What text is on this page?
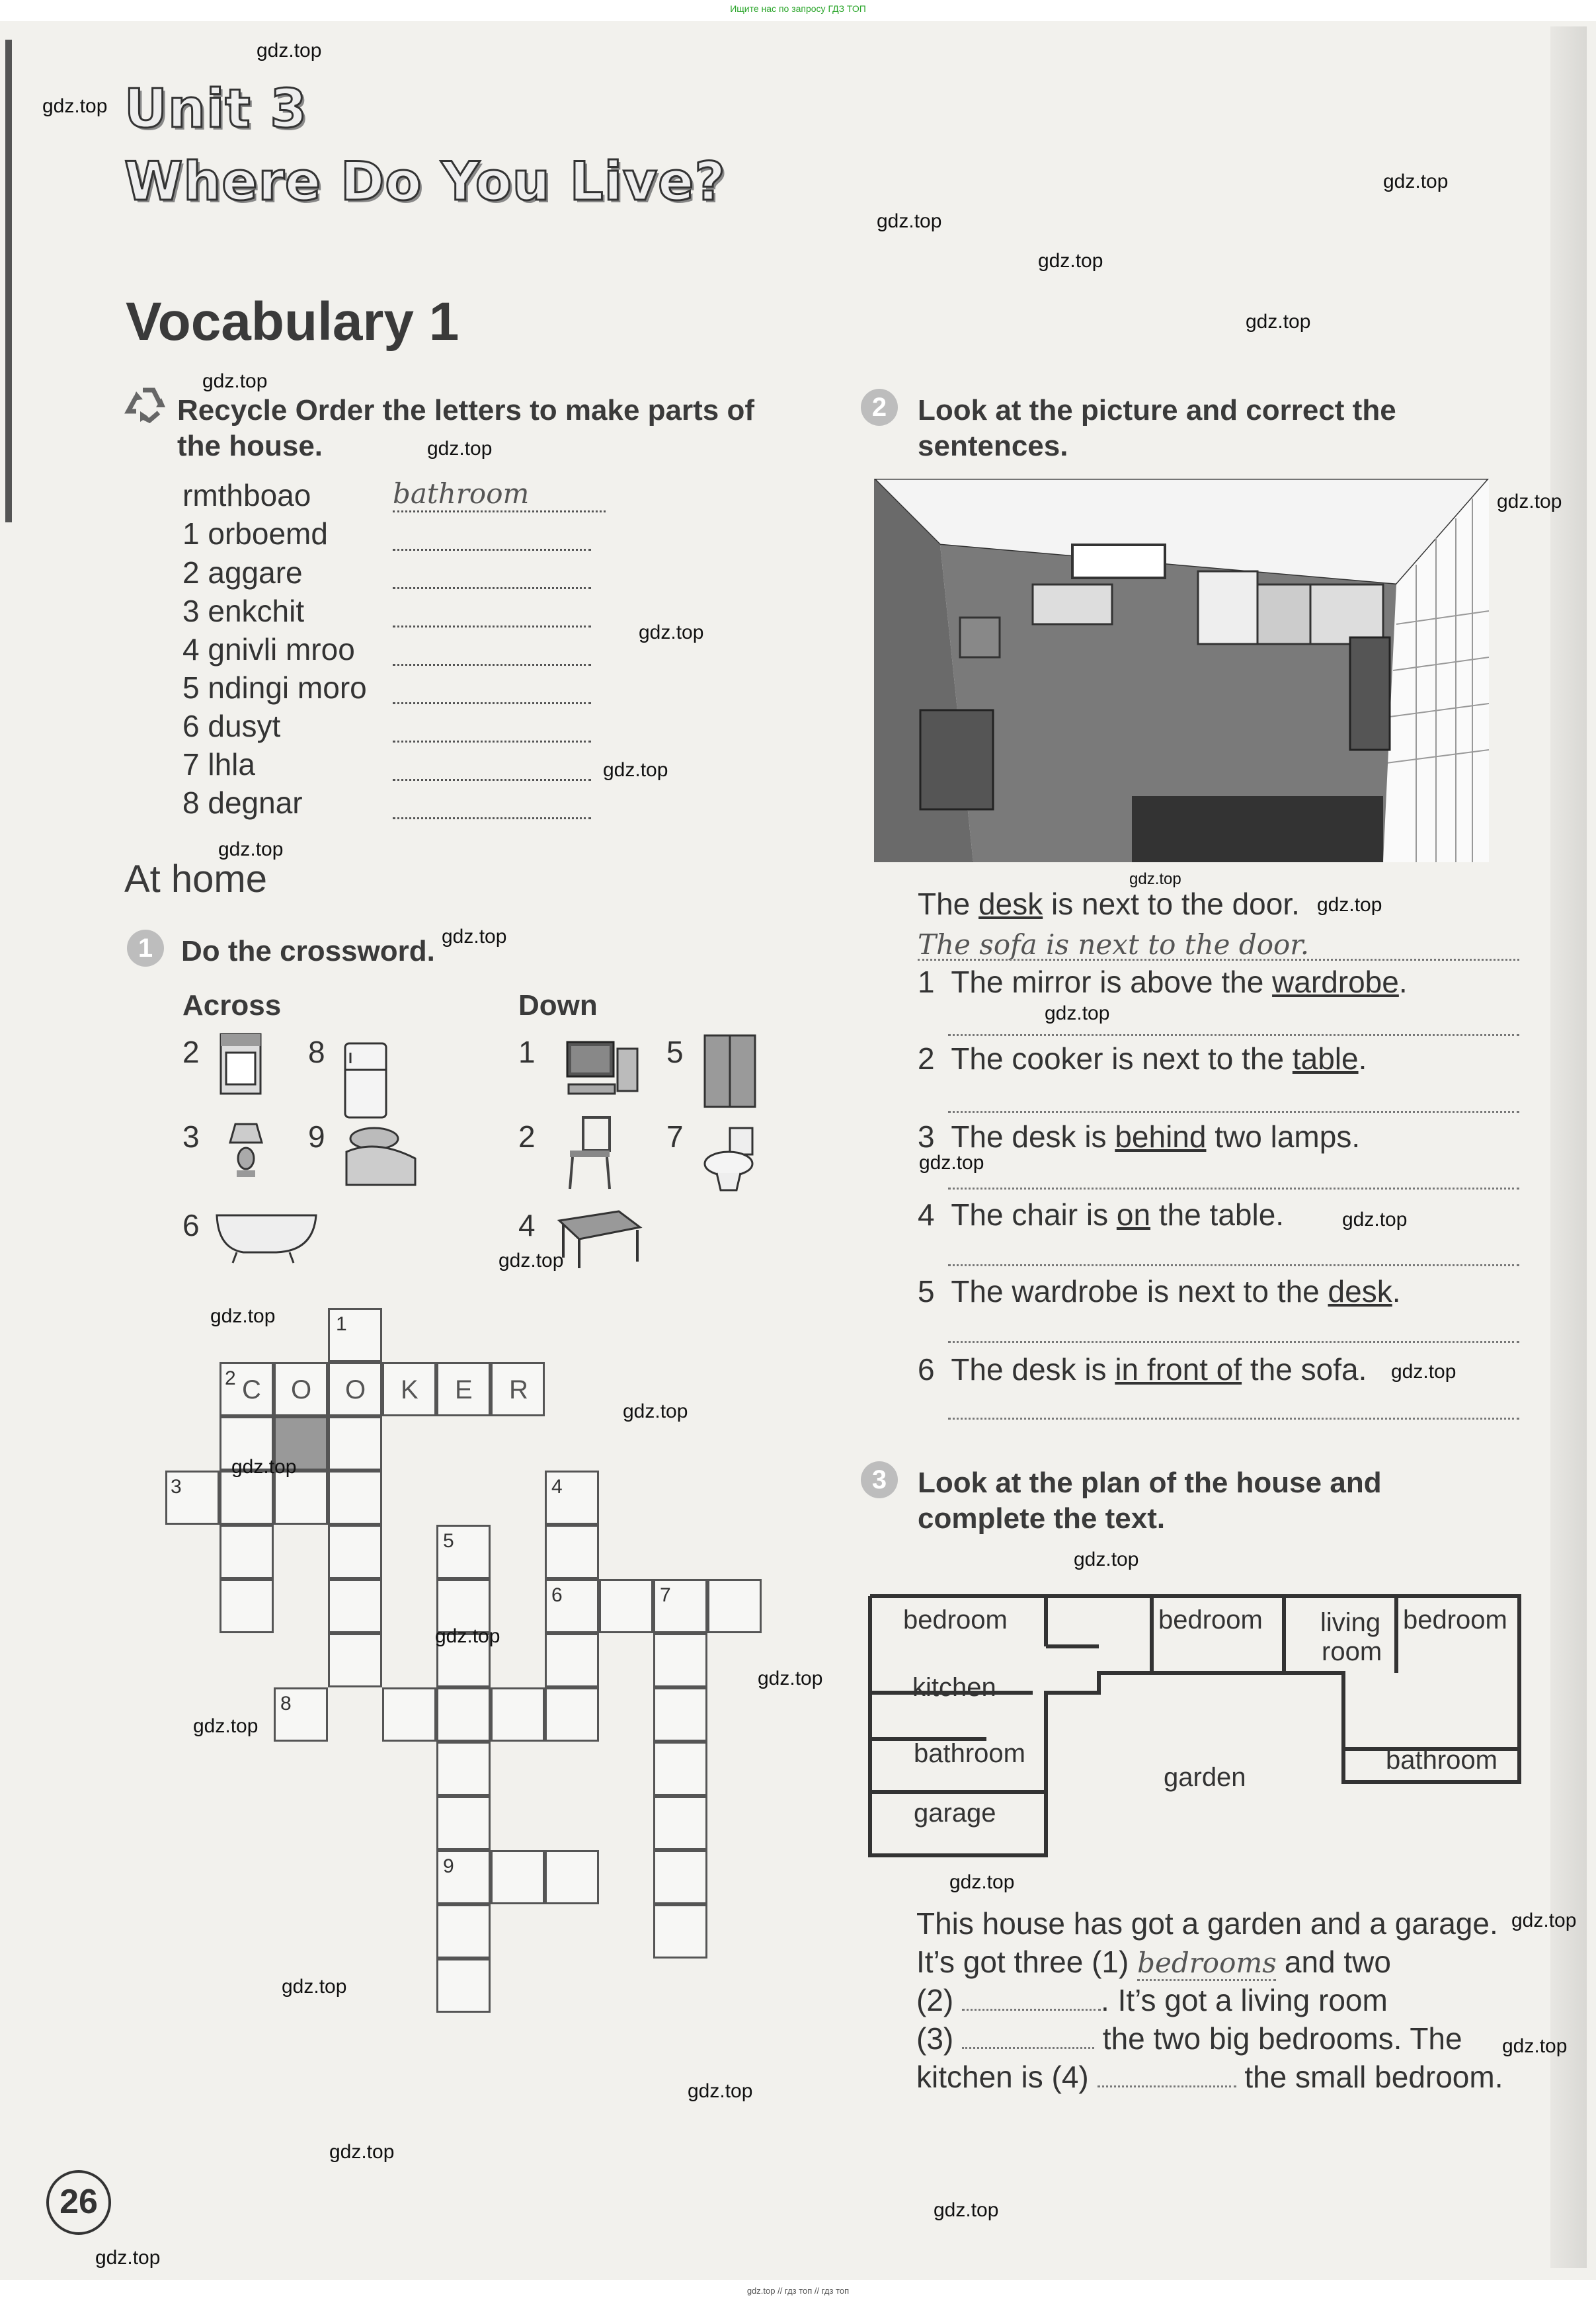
Ищите нас по запросу ГДЗ ТОП
Unit 3
Where Do You Live?
Vocabulary 1
Recycle Order the letters to make parts of
the house.
rmthboao	bathroom
1 orboemd
2 aggare
3 enkchit
4 gnivli mroo
5 ndingi moro
6 dusyt
7 lhla
8 degnar
At home
1 Do the crossword.
Across	Down
2	8
3	9
6
1	5
2	7
4
1
2
3	4
5
6	7
8
9
C O O K E R
2	Look at the picture and correct the
sentences.
The desk is next to the door.
The sofa is next to the door.
1 The mirror is above the wardrobe.
2 The cooker is next to the table.
3 The desk is behind two lamps.
4 The chair is on the table.
5 The wardrobe is next to the desk.
6 The desk is in front of the sofa.
3	Look at the plan of the house and
complete the text.
bedroom
kitchen
bathroom
garage
bedroom living
room
bedroom
bathroom
garden
This house has got a garden and a garage.
It’s got three (1) bedrooms and two
(2)	. It’s got a living room
(3)	the two big bedrooms. The
kitchen is (4)	the small bedroom.
26
gdz.top
gdz.top
gdz.top
gdz.top
gdz.top
gdz.top
gdz.top
gdz.top
gdz.top
gdz.top
gdz.top
gdz.top
gdz.top
gdz.top
gdz.top
gdz.top
gdz.top
gdz.top
gdz.top
gdz.top
gdz.top
gdz.top
gdz.top
gdz.top
gdz.top
gdz.top
gdz.top
gdz.top
gdz.top
gdz.top
gdz.top
gdz.top
gdz.top
gdz.top
gdz.top
gdz.top // гдз топ // гдз топ
